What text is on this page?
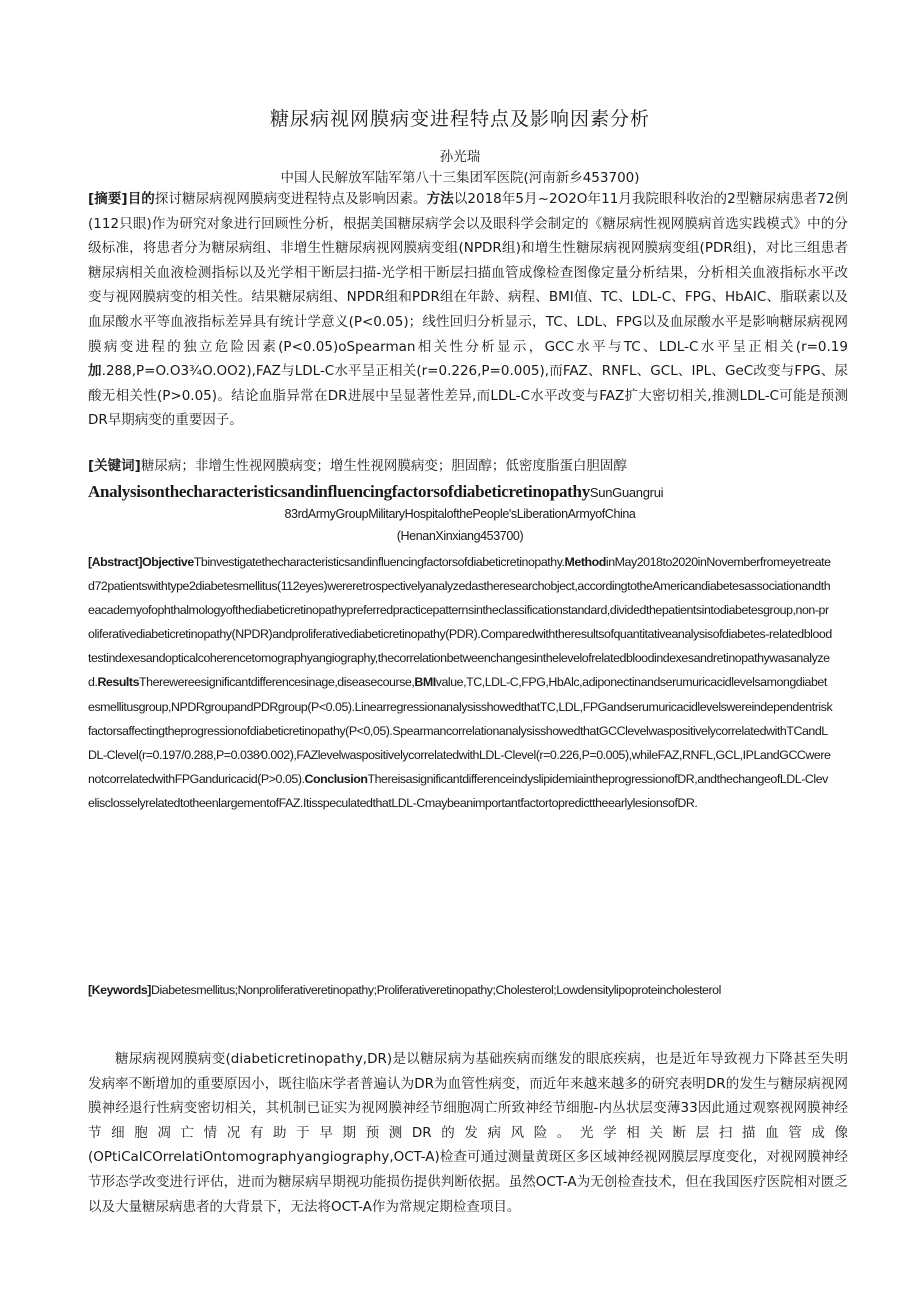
糖尿病视网膜病变进程特点及影响因素分析
孙光瑞
中国人民解放军陆军第八十三集团军医院(河南新乡453700)
[摘要]目的探讨糖尿病视网膜病变进程特点及影响因素。方法以2018年5月~2O2O年11月我院眼科收治的2型糖尿病患者72例(112只眼)作为研究对象进行回顾性分析，根据美国糖尿病学会以及眼科学会制定的《糖尿病性视网膜病首选实践模式》中的分级标准，将患者分为糖尿病组、非增生性糖尿病视网膜病变组(NPDR组)和增生性糖尿病视网膜病变组(PDR组)，对比三组患者糖尿病相关血液检测指标以及光学相干断层扫描-光学相干断层扫描血管成像检查图像定量分析结果，分析相关血液指标水平改变与视网膜病变的相关性。结果糖尿病组、NPDR组和PDR组在年龄、病程、BMI值、TC、LDL-C、FPG、HbAIC、脂联素以及血尿酸水平等血液指标差异具有统计学意义(P<0.05)；线性回归分析显示，TC、LDL、FPG以及血尿酸水平是影响糖尿病视网膜病变进程的独立危险因素(P<0.05)oSpearman相关性分析显示，GCC水平与TC、LDL-C水平呈正相关(r=0.19加.288,P=O.O3¾O.OO2),FAZ与LDL-C水平呈正相关(r=0.226,P=0.005),而FAZ、RNFL、GCL、IPL、GeC改变与FPG、尿酸无相关性(P>0.05)。结论血脂异常在DR进展中呈显著性差异,而LDL-C水平改变与FAZ扩大密切相关,推测LDL-C可能是预测DR早期病变的重要因子。
[关键词]糖尿病；非增生性视网膜病变；增生性视网膜病变；胆固醇；低密度脂蛋白胆固醇
AnalysisonthecharacteristicsandinfluencingfactorsofdiabeticretinopathySunGuangrui
83rdArmyGroupMilitaryHospitalofthePeople'sLiberationArmyofChina
(HenanXinxiang453700)
[Abstract]ObjectiveTbinvestigatethecharacteristicsandinfluencingfactorsofdiabeticretinopathy.MethodinMay2018to2020inNovemberfromeyetreated72patientswithtype2diabetesmellitus(112eyes)wereretrospectivelyanalyzedastheresearchobject,accordingtotheAmericandiabetesassociationandtheacademyofophthalmologyofthediabeticretinopathypreferredpracticepatternsintheclassificationstandard,dividedthepatientsintodiabetesgroup,non-proliferativediabeticretinopathy(NPDR)andproliferativediabeticretinopathy(PDR).Comparedwiththeresultsofquantitativeanalysisofdiabetes-relatedbloodtestindexesandopticalcoherencetomographyangiography,thecorrelationbetweenchangesinthelevelofrelatedbloodindexesandretinopathywasanalyzed.ResultsTherewereesignificantdifferencesinage,diseasecourse,BMIvalue,TC,LDL-C,FPG,HbAlc,adiponectinandserumuricacidlevelsamongdiabetesmellitusgroup,NPDRgroupandPDRgroup(P<0.05).LinearregressionanalysisshowedthatTC,LDL,FPGandserumuricacidlevelswereindependentriskfactorsaffectingtheprogressionofdiabeticretinopathy(P<0,05).SpearmancorrelationanalysisshowedthatGCClevelwaspositivelycorrelatedwithTCandLDL-Clevel(r=0.197/0.288,P=0.038∕0.002),FAZlevelwaspositivelycorrelatedwithLDL-Clevel(r=0.226,P=0.005),whileFAZ,RNFL,GCL,IPLandGCCwerenotcorrelatedwithFPGanduricacid(P>0.05).ConclusionThereisasignificantdifferenceindyslipidemiaintheprogressionofDR,andthechangeofLDL-ClevelisclosselyrelatedtotheenlargementofFAZ.ItisspeculatedthatLDL-CmaybeanimportantfactortopredicttheearlylesionsofDR.
[Keywords]Diabetesmellitus;Nonproliferativeretinopathy;Proliferativeretinopathy;Cholesterol;Lowdensitylipoproteincholesterol
糖尿病视网膜病变(diabeticretinopathy,DR)是以糖尿病为基础疾病而继发的眼底疾病，也是近年导致视力下降甚至失明发病率不断增加的重要原因小，既往临床学者普遍认为DR为血管性病变，而近年来越来越多的研究表明DR的发生与糖尿病视网膜神经退行性病变密切相关，其机制已证实为视网膜神经节细胞凋亡所致神经节细胞-内丛状层变薄33因此通过观察视网膜神经节细胞凋亡情况有助于早期预测DR的发病风险。光学相关断层扫描血管成像(OPtiCaICOrrelatiOntomographyangiography,OCT-A)检查可通过测量黄斑区多区域神经视网膜层厚度变化，对视网膜神经节形态学改变进行评估，进而为糖尿病早期视功能损伤提供判断依据。虽然OCT-A为无创检查技术，但在我国医疗医院相对匮乏以及大量糖尿病患者的大背景下，无法将OCT-A作为常规定期检查项目。
